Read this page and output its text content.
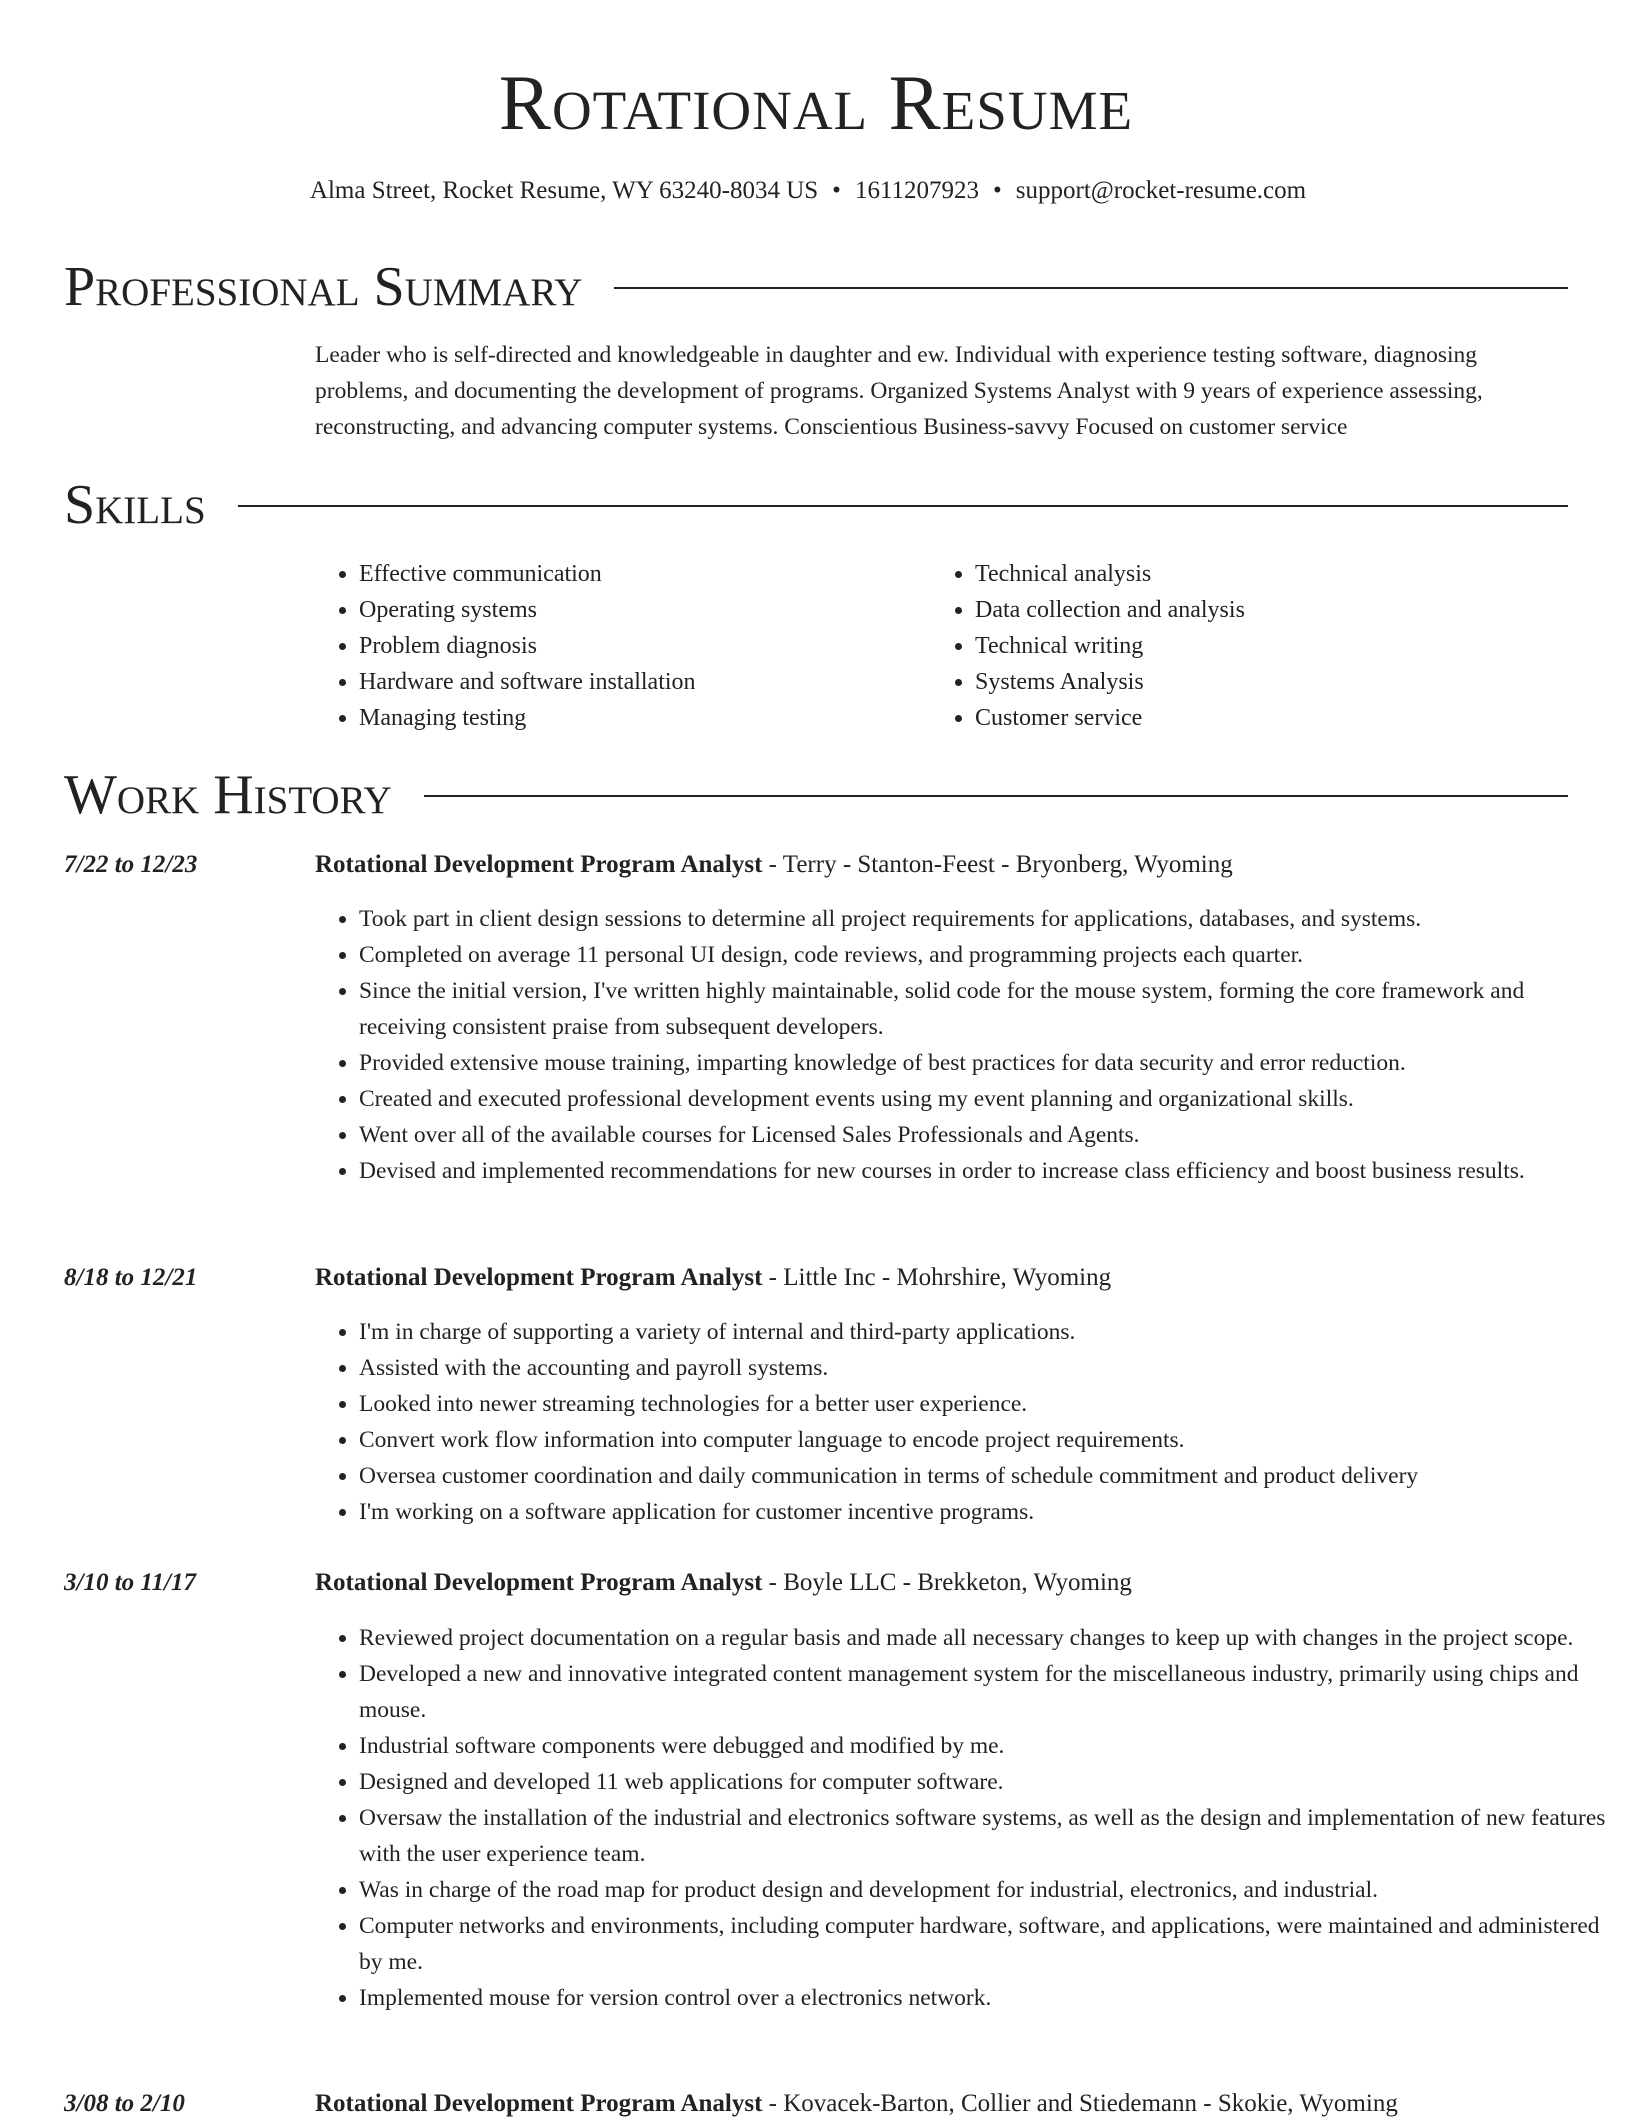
Rotational Resume
Alma Street, Rocket Resume, WY 63240-8034 US • 1611207923 • support@rocket-resume.com
Professional Summary

Leader who is self-directed and knowledgeable in daughter and ew. Individual with experience testing software, diagnosing problems, and documenting the development of programs. Organized Systems Analyst with 9 years of experience assessing, reconstructing, and advancing computer systems. Conscientious Business-savvy Focused on customer service

Skills
• Effective communication
• Operating systems
• Problem diagnosis
• Hardware and software installation
• Managing testing
• Technical analysis
• Data collection and analysis
• Technical writing
• Systems Analysis
• Customer service
Work History
7/22 to 12/23	Rotational Development Program Analyst - Terry - Stanton-Feest - Bryonberg, Wyoming
• Took part in client design sessions to determine all project requirements for applications, databases, and systems.
• Completed on average 11 personal UI design, code reviews, and programming projects each quarter.
• Since the initial version, I've written highly maintainable, solid code for the mouse system, forming the core framework and receiving consistent praise from subsequent developers.
• Provided extensive mouse training, imparting knowledge of best practices for data security and error reduction.
• Created and executed professional development events using my event planning and organizational skills.
• Went over all of the available courses for Licensed Sales Professionals and Agents.
• Devised and implemented recommendations for new courses in order to increase class efficiency and boost business results.
8/18 to 12/21	Rotational Development Program Analyst - Little Inc - Mohrshire, Wyoming
• I'm in charge of supporting a variety of internal and third-party applications.
• Assisted with the accounting and payroll systems.
• Looked into newer streaming technologies for a better user experience.
• Convert work flow information into computer language to encode project requirements.
• Oversea customer coordination and daily communication in terms of schedule commitment and product delivery
• I'm working on a software application for customer incentive programs.
3/10 to 11/17	Rotational Development Program Analyst - Boyle LLC - Brekketon, Wyoming
• Reviewed project documentation on a regular basis and made all necessary changes to keep up with changes in the project scope.
• Developed a new and innovative integrated content management system for the miscellaneous industry, primarily using chips and mouse.
• Industrial software components were debugged and modified by me.
• Designed and developed 11 web applications for computer software.
• Oversaw the installation of the industrial and electronics software systems, as well as the design and implementation of new features with the user experience team.
• Was in charge of the road map for product design and development for industrial, electronics, and industrial.
• Computer networks and environments, including computer hardware, software, and applications, were maintained and administered by me.
• Implemented mouse for version control over a electronics network.
3/08 to 2/10	Rotational Development Program Analyst - Kovacek-Barton, Collier and Stiedemann - Skokie, Wyoming
